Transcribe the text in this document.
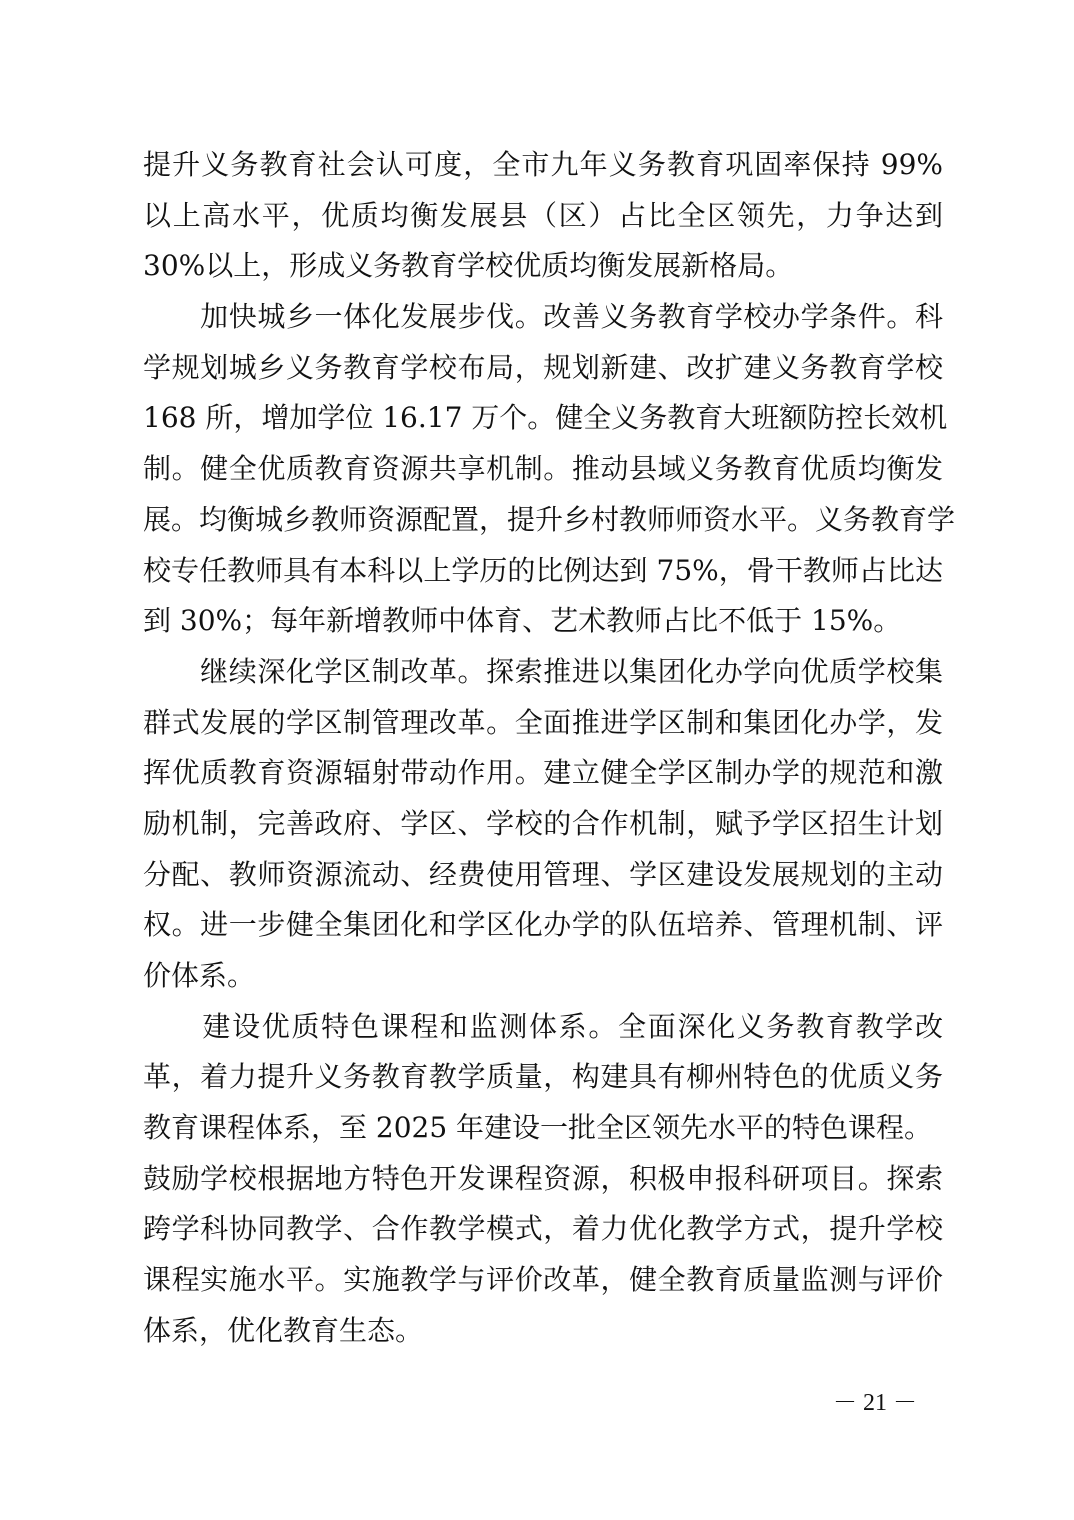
提升义务教育社会认可度，全市九年义务教育巩固率保持 99%
以上高水平，优质均衡发展县（区）占比全区领先，力争达到
30%以上，形成义务教育学校优质均衡发展新格局。
　　加快城乡一体化发展步伐。改善义务教育学校办学条件。科
学规划城乡义务教育学校布局，规划新建、改扩建义务教育学校
168 所，增加学位 16.17 万个。健全义务教育大班额防控长效机
制。健全优质教育资源共享机制。推动县域义务教育优质均衡发
展。均衡城乡教师资源配置，提升乡村教师师资水平。义务教育学
校专任教师具有本科以上学历的比例达到 75%，骨干教师占比达
到 30%；每年新增教师中体育、艺术教师占比不低于 15%。
　　继续深化学区制改革。探索推进以集团化办学向优质学校集
群式发展的学区制管理改革。全面推进学区制和集团化办学，发
挥优质教育资源辐射带动作用。建立健全学区制办学的规范和激
励机制，完善政府、学区、学校的合作机制，赋予学区招生计划
分配、教师资源流动、经费使用管理、学区建设发展规划的主动
权。进一步健全集团化和学区化办学的队伍培养、管理机制、评
价体系。
　　建设优质特色课程和监测体系。全面深化义务教育教学改
革，着力提升义务教育教学质量，构建具有柳州特色的优质义务
教育课程体系，至 2025 年建设一批全区领先水平的特色课程。
鼓励学校根据地方特色开发课程资源，积极申报科研项目。探索
跨学科协同教学、合作教学模式，着力优化教学方式，提升学校
课程实施水平。实施教学与评价改革，健全教育质量监测与评价
体系，优化教育生态。
－ 21 －
